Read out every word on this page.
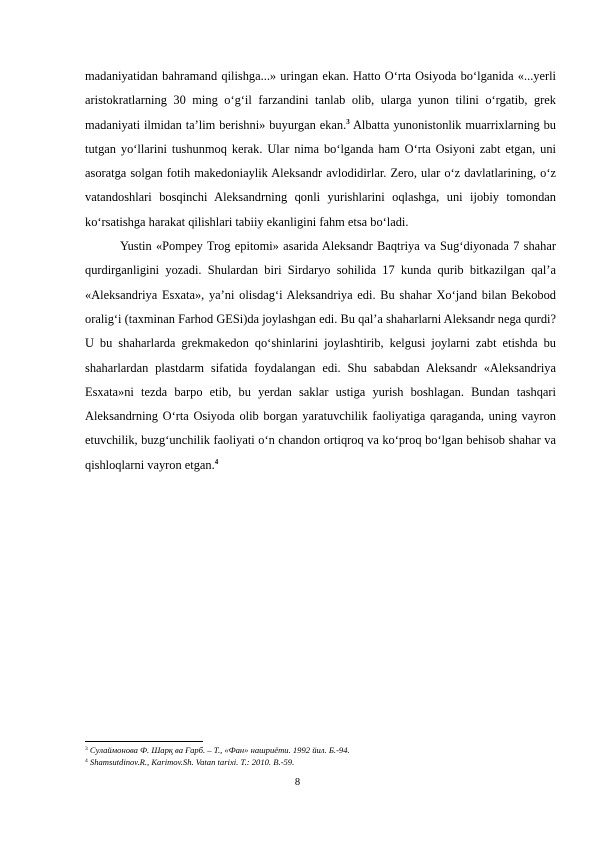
madaniyatidan bahramand qilishga...» uringan ekan. Hatto O‘rta Osiyoda bo‘lganida «...yerli aristokratlarning 30 ming o‘g‘il farzandini tanlab olib, ularga yunon tilini o‘rgatib, grek madaniyati ilmidan ta’lim berishni» buyurgan ekan.$^3$ Albatta yunonistonlik muarrixlarning bu tutgan yo‘llarini tushunmoq kerak. Ular nima bo‘lganda ham O‘rta Osiyoni zabt etgan, uni asoratga solgan fotih makedoniaylik Aleksandr avlodidirlar. Zero, ular o‘z davlatlarining, o‘z vatandoshlari bosqinchi Aleksandrning qonli yurishlarini oqlashga, uni ijobiy tomondan ko‘rsatishga harakat qilishlari tabiiy ekanligini fahm etsa bo‘ladi.

Yustin «Pompey Trog epitomi» asarida Aleksandr Baqtriya va Sug‘diyonada 7 shahar qurdirganligini yozadi. Shulardan biri Sirdaryo sohilida 17 kunda qurib bitkazilgan qal’a «Aleksandriya Esxata», ya’ni olisdag‘i Aleksandriya edi. Bu shahar Xo‘jand bilan Bekobod oralig‘i (taxminan Farhod GESi)da joylashgan edi. Bu qal’a shaharlarni Aleksandr nega qurdi? U bu shaharlarda grekmakedon qo‘shinlarini joylashtirib, kelgusi joylarni zabt etishda bu shaharlardan plastdarm sifatida foydalangan edi. Shu sababdan Aleksandr «Aleksandriya Esxata»ni tezda barpo etib, bu yerdan saklar ustiga yurish boshlagan. Bundan tashqari Aleksandrning O‘rta Osiyoda olib borgan yaratuvchilik faoliyatiga qaraganda, uning vayron etuvchilik, buzg‘unchilik faoliyati o‘n chandon ortiqroq va ko‘proq bo‘lgan behisob shahar va qishloqlarni vayron etgan.$^4$

$^3$ Сулаймонова Ф. Шарқ ва Ғарб. – Т., «Фан» нашриёти. 1992 йил. Б.-94.
$^4$ Shamsutdinov.R., Karimov.Sh. Vatan tarixi. T.: 2010. B.-59.
8
